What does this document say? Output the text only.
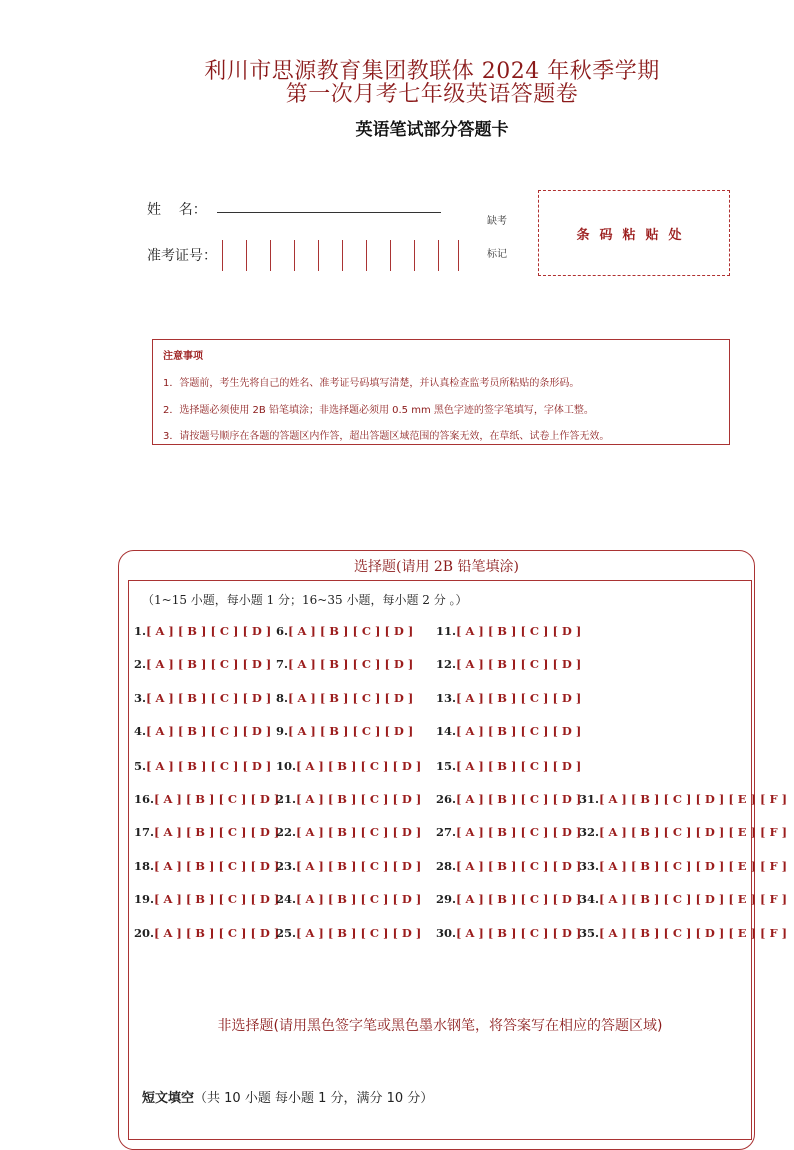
利川市思源教育集团教联体 2024 年秋季学期
第一次月考七年级英语答题卷
英语笔试部分答题卡
姓    名：
准考证号：
缺考
标记
条码粘贴处
注意事项
1．答题前，考生先将自己的姓名、准考证号码填写清楚，并认真检查监考员所粘贴的条形码。
2．选择题必须使用 2B 铅笔填涂；非选择题必须用 0.5 mm 黑色字迹的签字笔填写，字体工整。
3．请按题号顺序在各题的答题区内作答，超出答题区域范围的答案无效，在草纸、试卷上作答无效。
选择题(请用 2B 铅笔填涂)
（1~15 小题，每小题 1 分；16~35 小题，每小题 2 分 。）
1.[ A ] [ B ] [ C ] [ D ] 6.[ A ] [ B ] [ C ] [ D ] 11.[ A ] [ B ] [ C ] [ D ]
2.[ A ] [ B ] [ C ] [ D ] 7.[ A ] [ B ] [ C ] [ D ] 12.[ A ] [ B ] [ C ] [ D ]
3.[ A ] [ B ] [ C ] [ D ] 8.[ A ] [ B ] [ C ] [ D ] 13.[ A ] [ B ] [ C ] [ D ]
4.[ A ] [ B ] [ C ] [ D ] 9.[ A ] [ B ] [ C ] [ D ] 14.[ A ] [ B ] [ C ] [ D ]
5.[ A ] [ B ] [ C ] [ D ] 10.[ A ] [ B ] [ C ] [ D ] 15.[ A ] [ B ] [ C ] [ D ]
16.[ A ] [ B ] [ C ] [ D ]
21.[ A ] [ B ] [ C ] [ D ] 26.[ A ] [ B ] [ C ] [ D ]
31.[ A ] [ B ] [ C ] [ D ] [ E ] [ F ]
17.[ A ] [ B ] [ C ] [ D ]
22.[ A ] [ B ] [ C ] [ D ] 27.[ A ] [ B ] [ C ] [ D ]
32.[ A ] [ B ] [ C ] [ D ] [ E ] [ F ]
18.[ A ] [ B ] [ C ] [ D ]
23.[ A ] [ B ] [ C ] [ D ] 28.[ A ] [ B ] [ C ] [ D ]
33.[ A ] [ B ] [ C ] [ D ] [ E ] [ F ]
19.[ A ] [ B ] [ C ] [ D ]
24.[ A ] [ B ] [ C ] [ D ] 29.[ A ] [ B ] [ C ] [ D ]
34.[ A ] [ B ] [ C ] [ D ] [ E ] [ F ]
20.[ A ] [ B ] [ C ] [ D ]
25.[ A ] [ B ] [ C ] [ D ] 30.[ A ] [ B ] [ C ] [ D ]
35.[ A ] [ B ] [ C ] [ D ] [ E ] [ F ]
非选择题(请用黑色签字笔或黑色墨水钢笔，将答案写在相应的答题区域)
短文填空（共 10 小题 每小题 1 分，满分 10 分）
